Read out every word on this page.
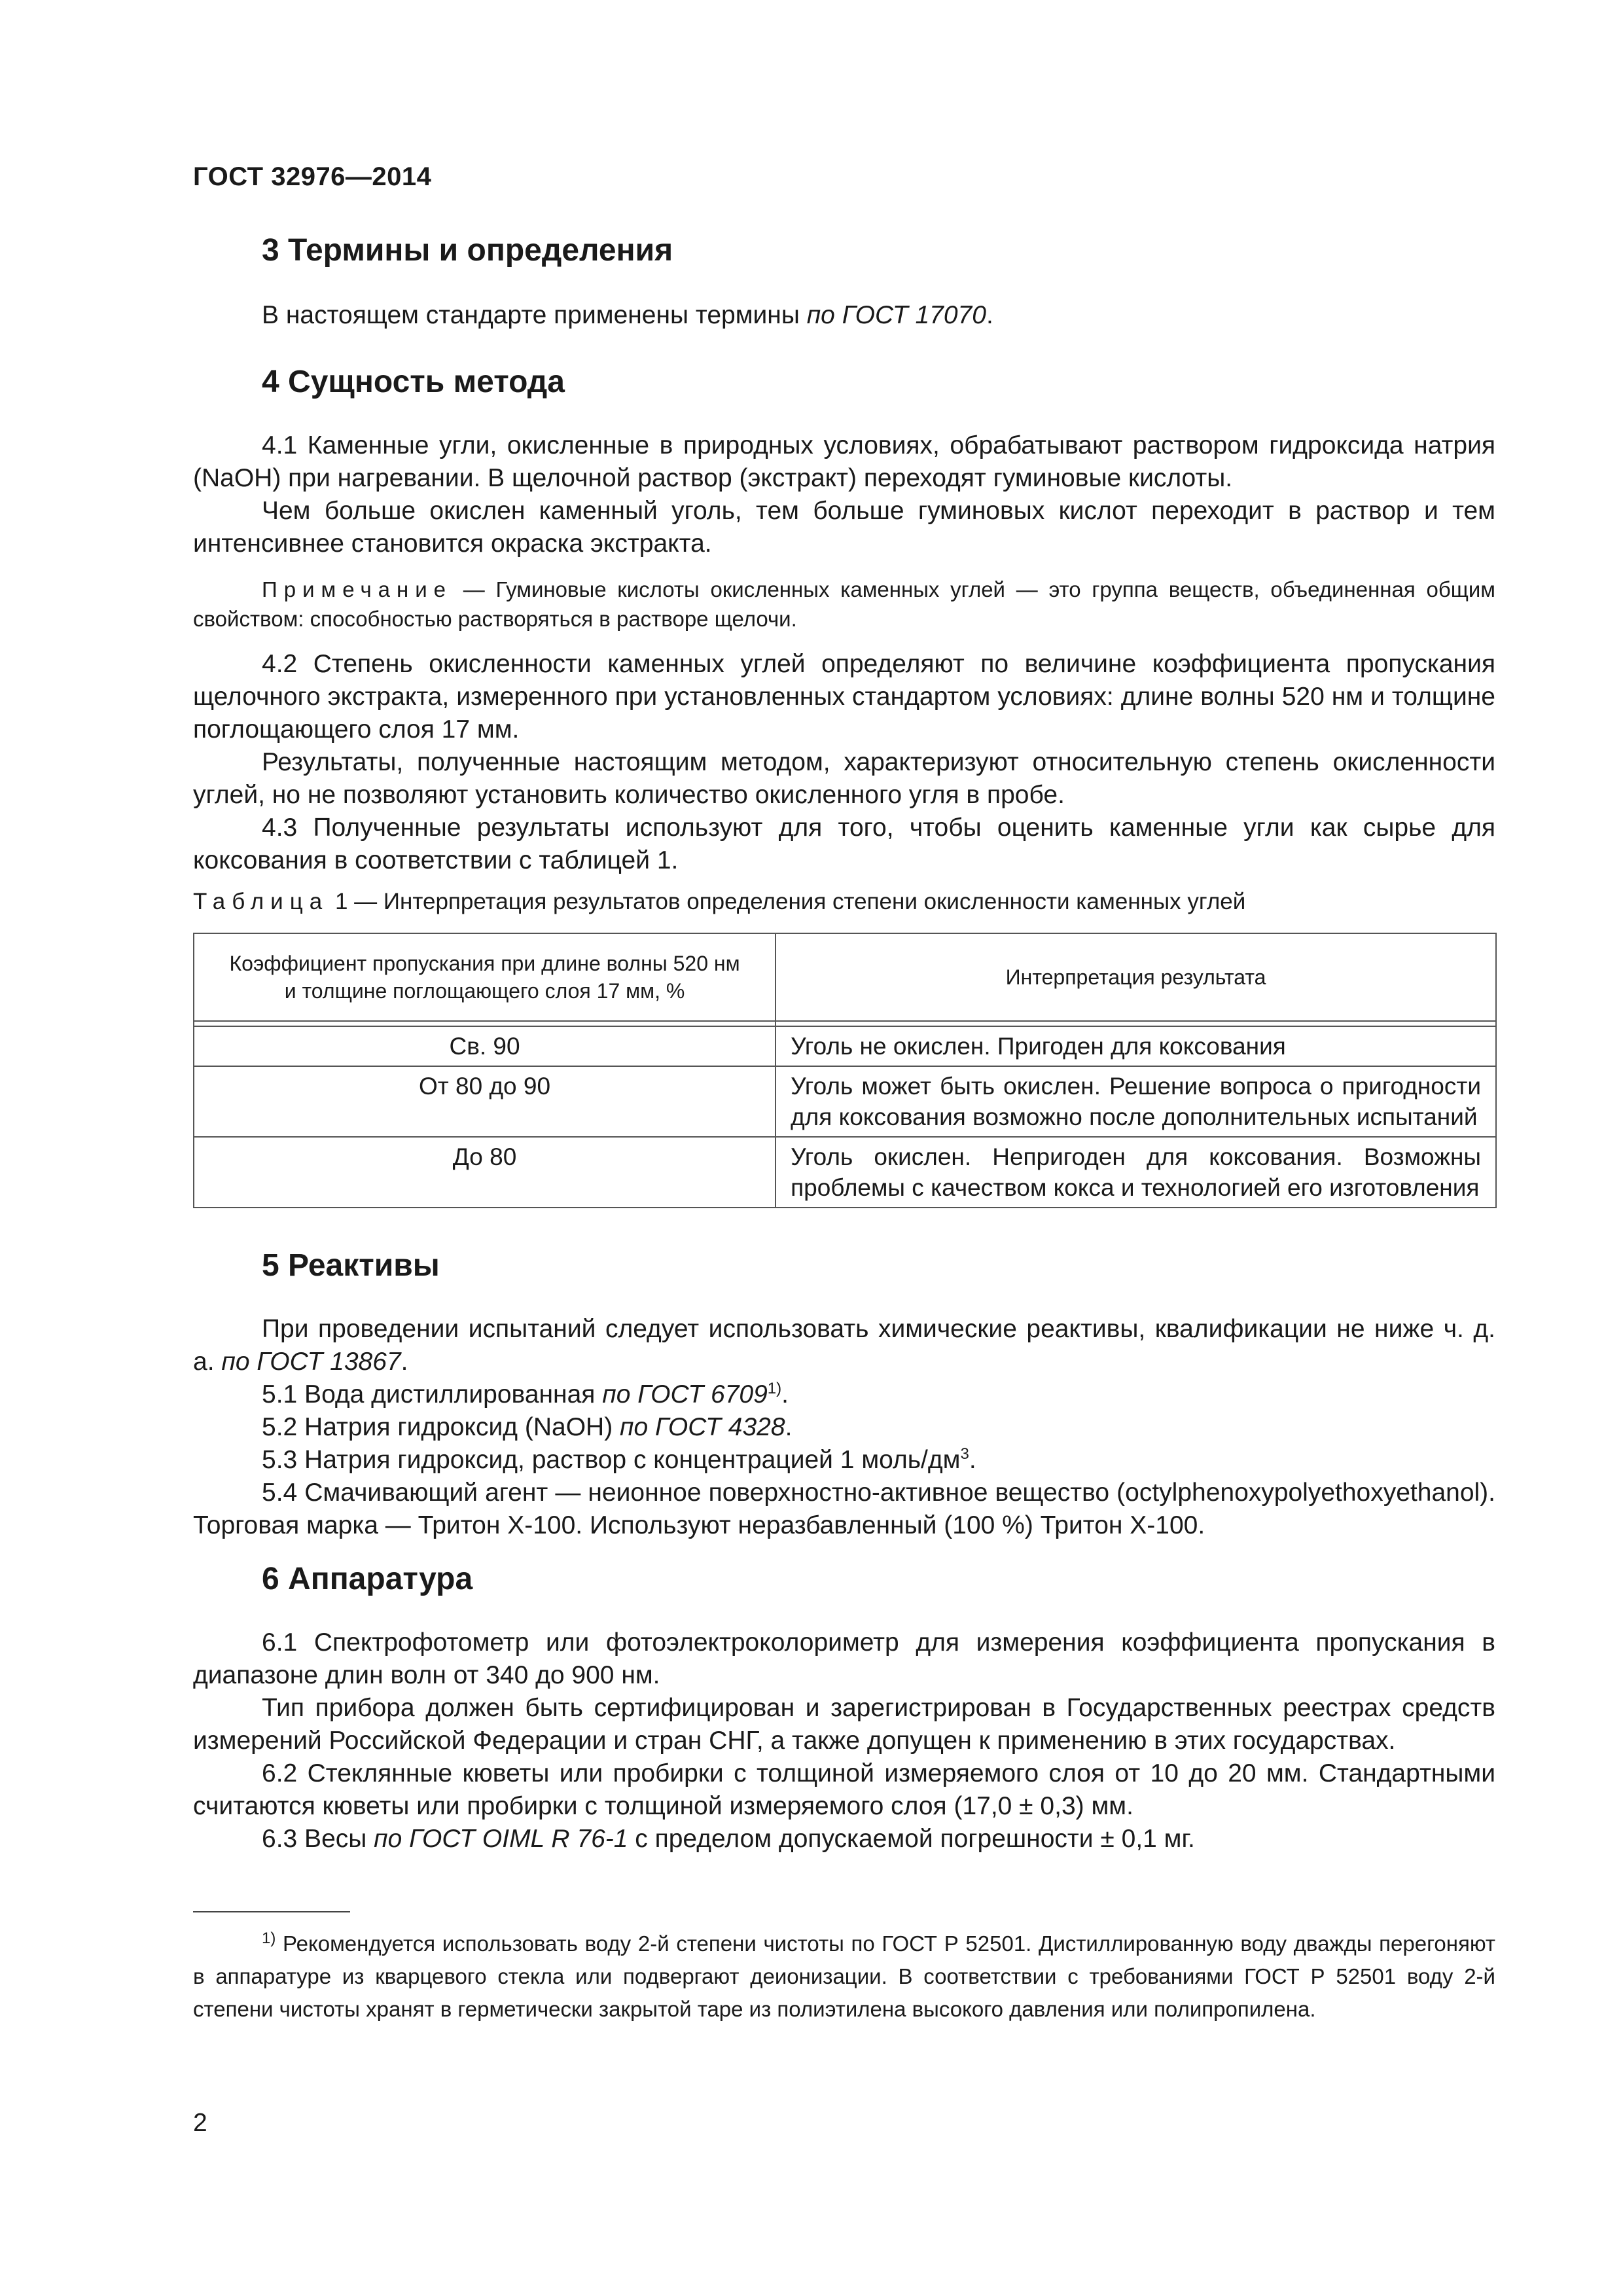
ГОСТ 32976—2014
3 Термины и определения

В настоящем стандарте применены термины по ГОСТ 17070.

4 Сущность метода

4.1 Каменные угли, окисленные в природных условиях, обрабатывают раствором гидроксида натрия (NaOH) при нагревании. В щелочной раствор (экстракт) переходят гуминовые кислоты.

Чем больше окислен каменный уголь, тем больше гуминовых кислот переходит в раствор и тем интенсивнее становится окраска экстракта.

Примечание — Гуминовые кислоты окисленных каменных углей — это группа веществ, объединенная общим свойством: способностью растворяться в растворе щелочи.

4.2 Степень окисленности каменных углей определяют по величине коэффициента пропускания щелочного экстракта, измеренного при установленных стандартом условиях: длине волны 520 нм и толщине поглощающего слоя 17 мм.

Результаты, полученные настоящим методом, характеризуют относительную степень окисленности углей, но не позволяют установить количество окисленного угля в пробе.

4.3 Полученные результаты используют для того, чтобы оценить каменные угли как сырье для коксования в соответствии с таблицей 1.

Таблица 1 — Интерпретация результатов определения степени окисленности каменных углей
Коэффициент пропускания при длине волны 520 нм
и толщине поглощающего слоя 17 мм, %	Интерпретация результата

Св. 90	Уголь не окислен. Пригоден для коксования
От 80 до 90	Уголь может быть окислен. Решение вопроса о пригодности для коксования возможно после дополнительных испытаний
До 80	Уголь окислен. Непригоден для коксования. Возможны проблемы с качеством кокса и технологией его изготовления
5 Реактивы

При проведении испытаний следует использовать химические реактивы, квалификации не ниже ч. д. а. по ГОСТ 13867.

5.1 Вода дистиллированная по ГОСТ 6709$^{1)}$.

5.2 Натрия гидроксид (NaOH) по ГОСТ 4328.

5.3 Натрия гидроксид, раствор с концентрацией 1 моль/$дм^3$.

5.4 Смачивающий агент — неионное поверхностно-активное вещество (octylphenoxypolyethoxyethanol). Торговая марка — Тритон X-100. Используют неразбавленный (100 %) Тритон X-100.

6 Аппаратура

6.1 Спектрофотометр или фотоэлектроколориметр для измерения коэффициента пропускания в диапазоне длин волн от 340 до 900 нм.

Тип прибора должен быть сертифицирован и зарегистрирован в Государственных реестрах средств измерений Российской Федерации и стран СНГ, а также допущен к применению в этих государствах.

6.2 Стеклянные кюветы или пробирки с толщиной измеряемого слоя от 10 до 20 мм. Стандартными считаются кюветы или пробирки с толщиной измеряемого слоя (17,0 ± 0,3) мм.

6.3 Весы по ГОСТ OIML R 76-1 с пределом допускаемой погрешности ± 0,1 мг.

$^{1)}$ Рекомендуется использовать воду 2-й степени чистоты по ГОСТ Р 52501. Дистиллированную воду дважды перегоняют в аппаратуре из кварцевого стекла или подвергают деионизации. В соответствии с требованиями ГОСТ Р 52501 воду 2-й степени чистоты хранят в герметически закрытой таре из полиэтилена высокого давления или полипропилена.

2
